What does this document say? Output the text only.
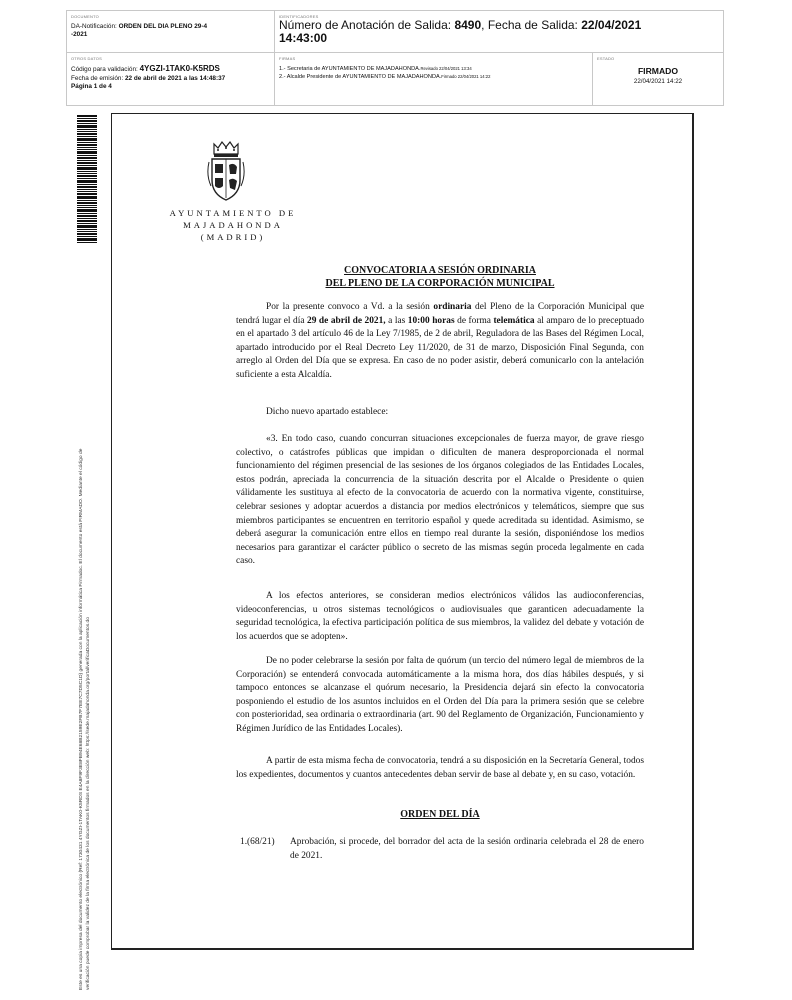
DOCUMENTO
DA-Notificación: ORDEN DEL DIA PLENO 29-4
-2021
IDENTIFICADORES
Número de Anotación de Salida: 8490, Fecha de Salida: 22/04/2021
14:43:00
OTROS DATOS
Código para validación: 4YGZI-1TAK0-K5RDS
Fecha de emisión: 22 de abril de 2021 a las 14:48:37
Página 1 de 4
FIRMAS
1.- Secretaria de AYUNTAMIENTO DE MAJADAHONDA.Revisado 22/04/2021 13:34
2.- Alcalde Presidente de AYUNTAMIENTO DE MAJADAHONDA.Firmado 22/04/2021 14:22
ESTADO
FIRMADO
22/04/2021 14:22
Este es una copia impresa del documento electrónico (Ref: 1730431 4YGZI-1TAK0-K5RDS E4A8F9F3E8FB94E68B2159E2FB7F7EE7C7D5C1D) generada con la aplicación informática Firmadoc. El documento está FIRMADO. Mediante el código de verificación puede comprobar la validez de la firma electrónica de los documentos firmados en la dirección web: https://sede.majadahonda.org/portal/verificaDocumentos.do
AYUNTAMIENTO DE
MAJADAHONDA
(MADRID)
CONVOCATORIA A SESIÓN ORDINARIA
DEL PLENO DE LA CORPORACIÓN MUNICIPAL
Por la presente convoco a Vd. a la sesión ordinaria del Pleno de la Corporación Municipal que tendrá lugar el día 29 de abril de 2021, a las 10:00 horas de forma telemática al amparo de lo preceptuado en el apartado 3 del artículo 46 de la Ley 7/1985, de 2 de abril, Reguladora de las Bases del Régimen Local, apartado introducido por el Real Decreto Ley 11/2020, de 31 de marzo, Disposición Final Segunda, con arreglo al Orden del Día que se expresa. En caso de no poder asistir, deberá comunicarlo con la antelación suficiente a esta Alcaldía.
Dicho nuevo apartado establece:
«3. En todo caso, cuando concurran situaciones excepcionales de fuerza mayor, de grave riesgo colectivo, o catástrofes públicas que impidan o dificulten de manera desproporcionada el normal funcionamiento del régimen presencial de las sesiones de los órganos colegiados de las Entidades Locales, estos podrán, apreciada la concurrencia de la situación descrita por el Alcalde o Presidente o quien válidamente les sustituya al efecto de la convocatoria de acuerdo con la normativa vigente, constituirse, celebrar sesiones y adoptar acuerdos a distancia por medios electrónicos y telemáticos, siempre que sus miembros participantes se encuentren en territorio español y quede acreditada su identidad. Asimismo, se deberá asegurar la comunicación entre ellos en tiempo real durante la sesión, disponiéndose los medios necesarios para garantizar el carácter público o secreto de las mismas según proceda legalmente en cada caso.
A los efectos anteriores, se consideran medios electrónicos válidos las audioconferencias, videoconferencias, u otros sistemas tecnológicos o audiovisuales que garanticen adecuadamente la seguridad tecnológica, la efectiva participación política de sus miembros, la validez del debate y votación de los acuerdos que se adopten».
De no poder celebrarse la sesión por falta de quórum (un tercio del número legal de miembros de la Corporación) se entenderá convocada automáticamente a la misma hora, dos días hábiles después, y si tampoco entonces se alcanzase el quórum necesario, la Presidencia dejará sin efecto la convocatoria posponiendo el estudio de los asuntos incluidos en el Orden del Día para la primera sesión que se celebre con posterioridad, sea ordinaria o extraordinaria (art. 90 del Reglamento de Organización, Funcionamiento y Régimen Jurídico de las Entidades Locales).
A partir de esta misma fecha de convocatoria, tendrá a su disposición en la Secretaría General, todos los expedientes, documentos y cuantos antecedentes deban servir de base al debate y, en su caso, votación.
ORDEN DEL DÍA
1.(68/21) Aprobación, si procede, del borrador del acta de la sesión ordinaria celebrada el 28 de enero de 2021.
